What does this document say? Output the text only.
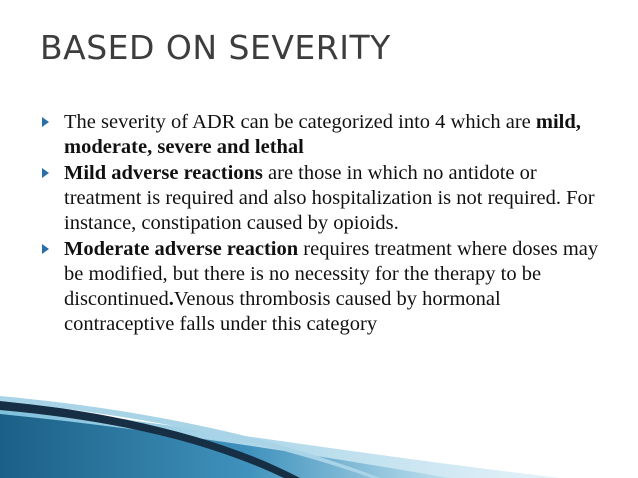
BASED ON SEVERITY
The severity of ADR can be categorized into 4 which are mild, moderate, severe and lethal
Mild adverse reactions are those in which no antidote or treatment is required and also hospitalization is not required. For instance, constipation caused by opioids.
Moderate adverse reaction requires treatment where doses may be modified, but there is no necessity for the therapy to be discontinued.Venous thrombosis caused by hormonal contraceptive falls under this category
